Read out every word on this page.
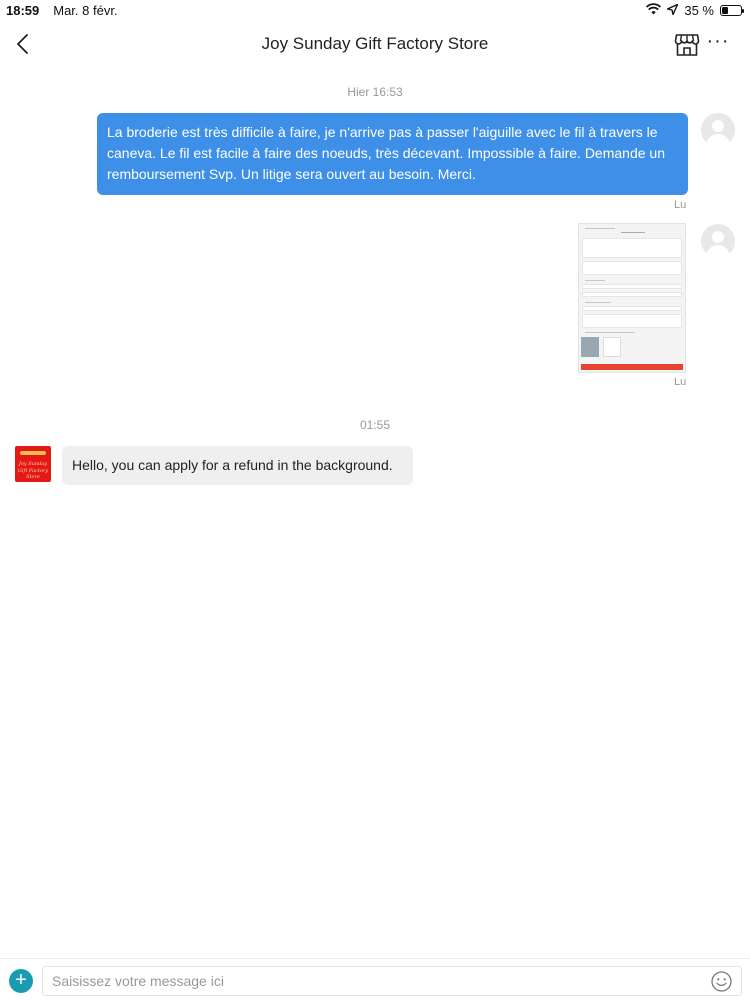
18:59 Mar. 8 févr.	35 %
Joy Sunday Gift Factory Store	···
Hier 16:53
La broderie est très difficile à faire, je n'arrive pas à passer l'aiguille avec le fil à travers le caneva. Le fil est facile à faire des noeuds, très décevant. Impossible à faire. Demande un remboursement Svp. Un litige sera ouvert au besoin. Merci.
Lu
Lu
01:55
Joy Sunday
Gift Factory Store
Hello, you can apply for a refund in the background.
+
Saisissez votre message ici
